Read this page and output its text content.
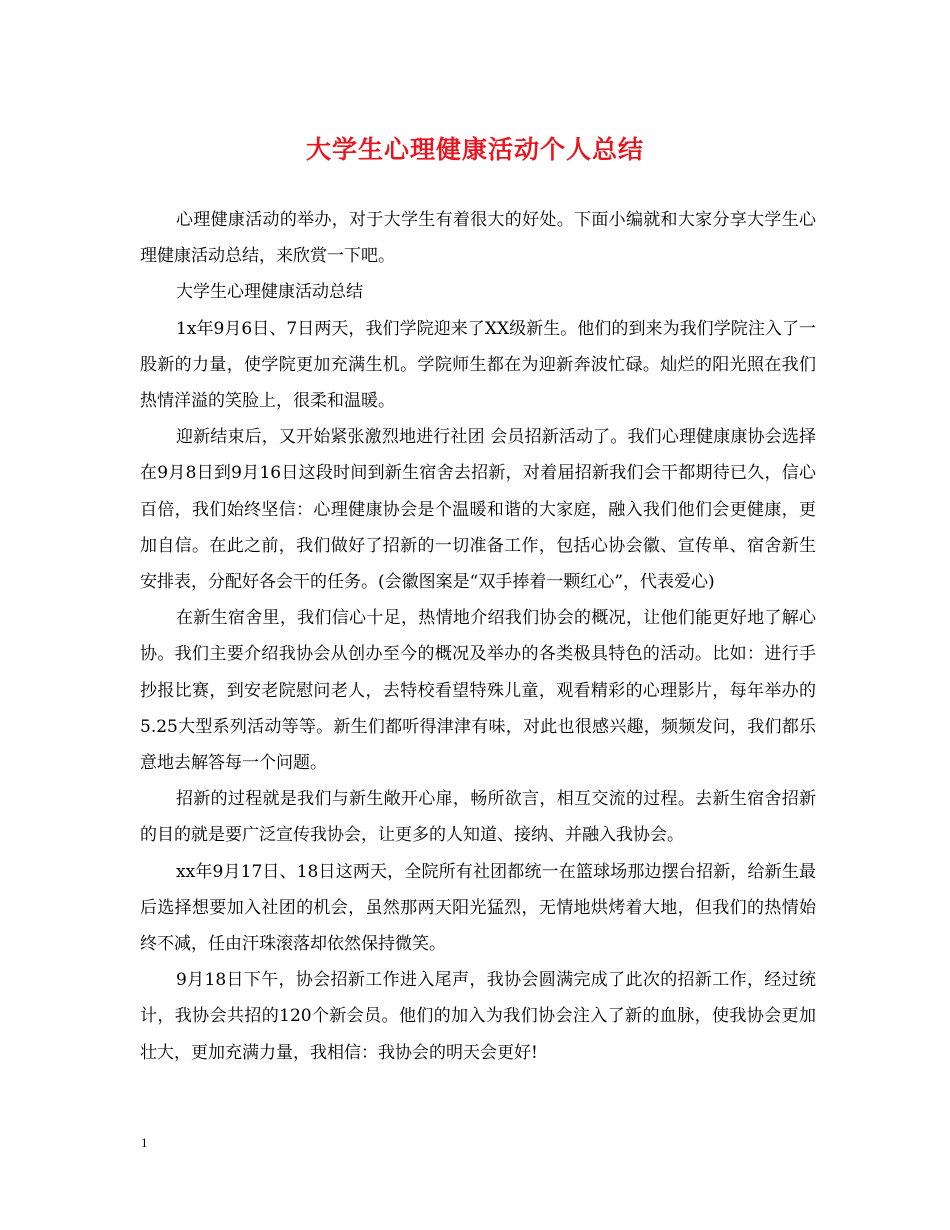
大学生心理健康活动个人总结

心理健康活动的举办，对于大学生有着很大的好处。下面小编就和大家分享大学生心理健康活动总结，来欣赏一下吧。

大学生心理健康活动总结

1x年9月6日、7日两天，我们学院迎来了XX级新生。他们的到来为我们学院注入了一股新的力量，使学院更加充满生机。学院师生都在为迎新奔波忙碌。灿烂的阳光照在我们热情洋溢的笑脸上，很柔和温暖。

迎新结束后，又开始紧张激烈地进行社团 会员招新活动了。我们心理健康康协会选择在9月8日到9月16日这段时间到新生宿舍去招新，对着届招新我们会干都期待已久，信心百倍，我们始终坚信：心理健康协会是个温暖和谐的大家庭，融入我们他们会更健康，更加自信。在此之前，我们做好了招新的一切准备工作，包括心协会徽、宣传单、宿舍新生安排表，分配好各会干的任务。(会徽图案是“双手捧着一颗红心”，代表爱心)

在新生宿舍里，我们信心十足，热情地介绍我们协会的概况，让他们能更好地了解心协。我们主要介绍我协会从创办至今的概况及举办的各类极具特色的活动。比如：进行手抄报比赛，到安老院慰问老人，去特校看望特殊儿童，观看精彩的心理影片，每年举办的5.25大型系列活动等等。新生们都听得津津有味，对此也很感兴趣，频频发问，我们都乐意地去解答每一个问题。

招新的过程就是我们与新生敞开心扉，畅所欲言，相互交流的过程。去新生宿舍招新的目的就是要广泛宣传我协会，让更多的人知道、接纳、并融入我协会。

xx年9月17日、18日这两天，全院所有社团都统一在篮球场那边摆台招新，给新生最后选择想要加入社团的机会，虽然那两天阳光猛烈，无情地烘烤着大地，但我们的热情始终不减，任由汗珠滚落却依然保持微笑。

9月18日下午，协会招新工作进入尾声，我协会圆满完成了此次的招新工作，经过统计，我协会共招的120个新会员。他们的加入为我们协会注入了新的血脉，使我协会更加壮大，更加充满力量，我相信：我协会的明天会更好!

1
